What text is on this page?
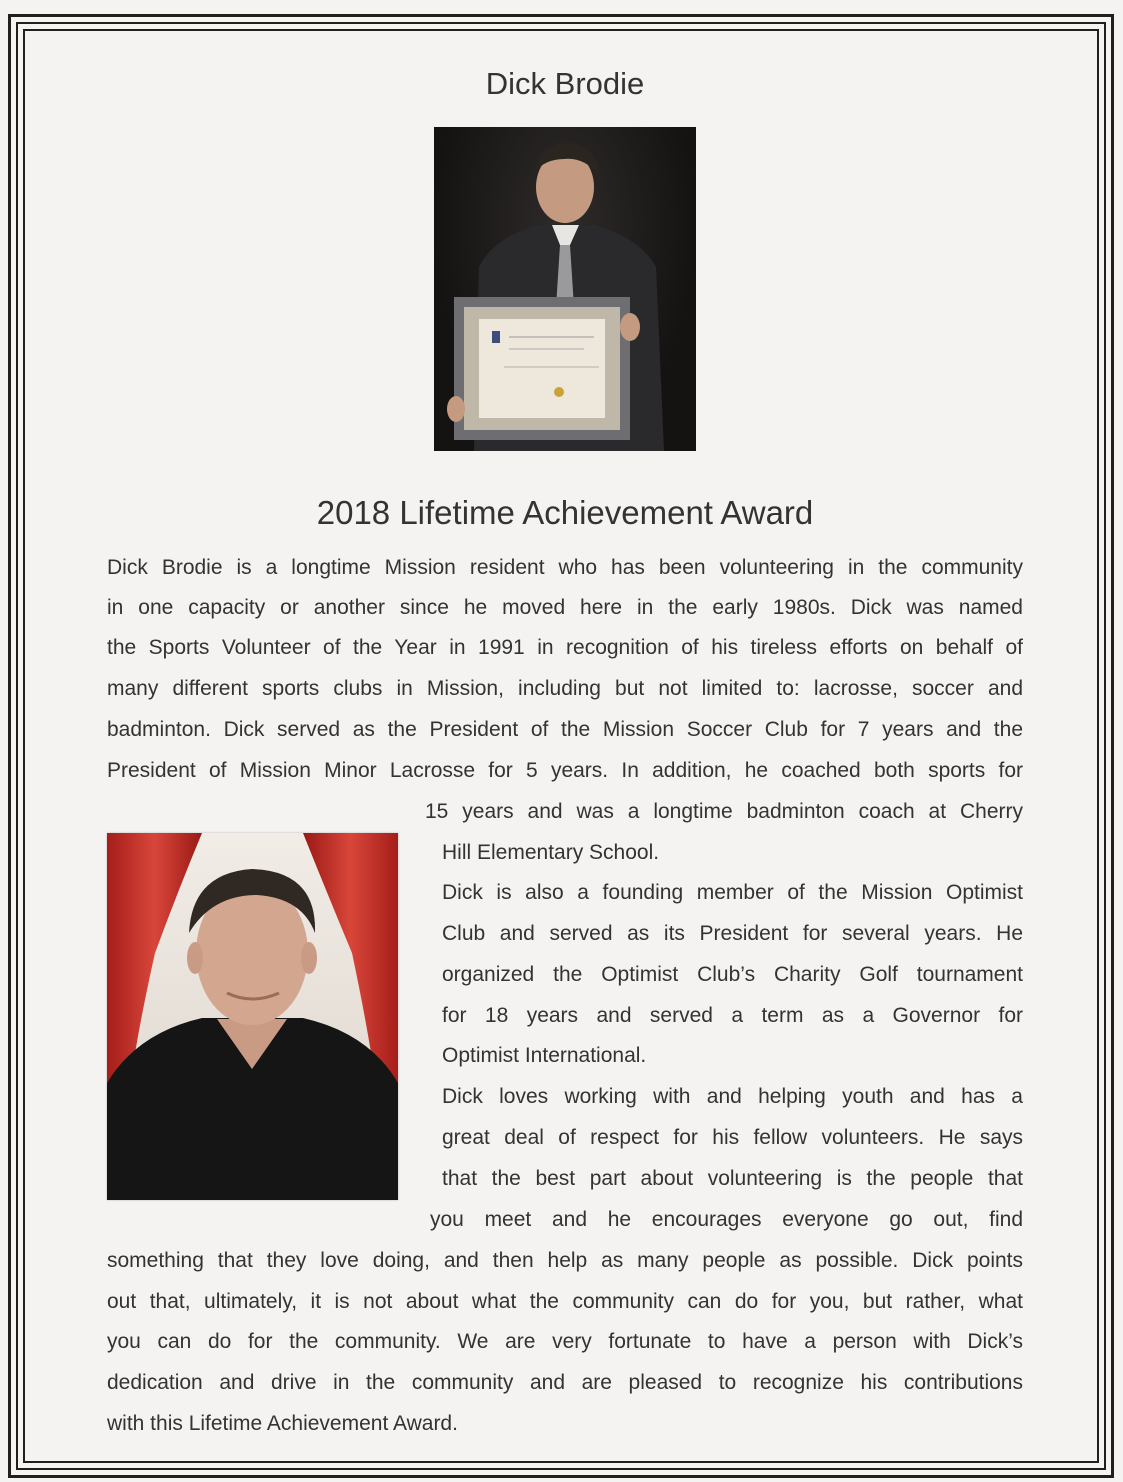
Dick Brodie
2018 Lifetime Achievement Award
Dick Brodie is a longtime Mission resident who has been volunteering in the community
in one capacity or another since he moved here in the early 1980s. Dick was named
the Sports Volunteer of the Year in 1991 in recognition of his tireless efforts on behalf of
many different sports clubs in Mission, including but not limited to: lacrosse, soccer and
badminton. Dick served as the President of the Mission Soccer Club for 7 years and the
President of Mission Minor Lacrosse for 5 years. In addition, he coached both sports for
15 years and was a longtime badminton coach at Cherry
Hill Elementary School.
Dick is also a founding member of the Mission Optimist
Club and served as its President for several years. He
organized the Optimist Club’s Charity Golf tournament
for 18 years and served a term as a Governor for
Optimist International.
Dick loves working with and helping youth and has a
great deal of respect for his fellow volunteers. He says
that the best part about volunteering is the people that
you meet and he encourages everyone go out, find
something that they love doing, and then help as many people as possible. Dick points
out that, ultimately, it is not about what the community can do for you, but rather, what
you can do for the community. We are very fortunate to have a person with Dick’s
dedication and drive in the community and are pleased to recognize his contributions
with this Lifetime Achievement Award.
